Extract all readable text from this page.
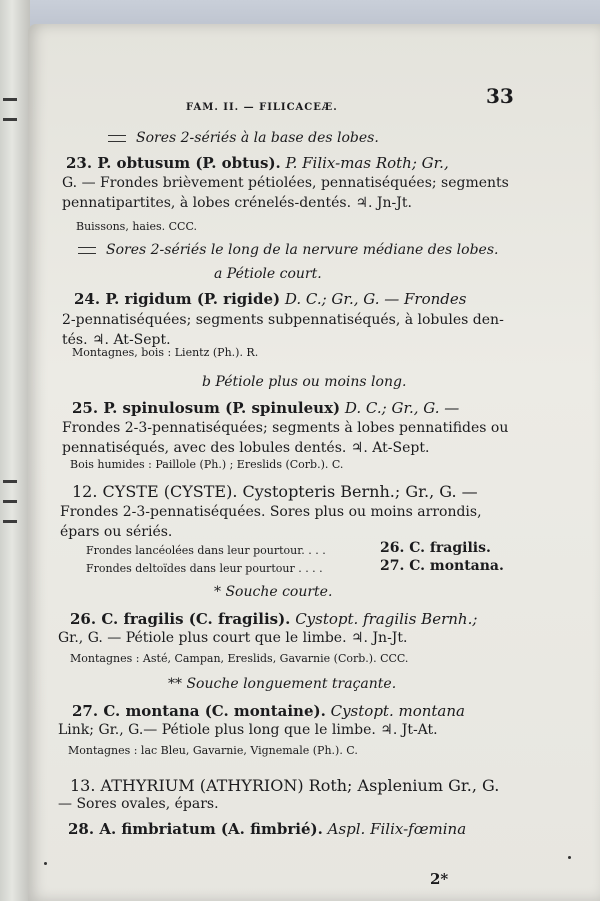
FAM. II. — FILICACEÆ.	33
Sores 2-sériés à la base des lobes.
23. P. obtusum (P. obtus). P. Filix-mas Roth; Gr.,
G. — Frondes brièvement pétiolées, pennatiséquées; segments
pennatipartites, à lobes crénelés-dentés. ♃. Jn-Jt.
Buissons, haies. CCC.
Sores 2-sériés le long de la nervure médiane des lobes.
a Pétiole court.
24. P. rigidum (P. rigide) D. C.; Gr., G. — Frondes
2-pennatiséquées; segments subpennatiséqués, à lobules den-
tés. ♃. At-Sept.
Montagnes, bois : Lientz (Ph.). R.
b Pétiole plus ou moins long.
25. P. spinulosum (P. spinuleux) D. C.; Gr., G. —
Frondes 2-3-pennatiséquées; segments à lobes pennatifides ou
pennatiséqués, avec des lobules dentés. ♃. At-Sept.
Bois humides : Paillole (Ph.) ; Ereslids (Corb.). C.
12. CYSTE (CYSTE). Cystopteris Bernh.; Gr., G. —
Frondes 2-3-pennatiséquées. Sores plus ou moins arrondis,
épars ou sériés.
Frondes lancéolées dans leur pourtour. . . .	26. C. fragilis.
Frondes deltoïdes dans leur pourtour . . . .	27. C. montana.
* Souche courte.
26. C. fragilis (C. fragilis). Cystopt. fragilis Bernh.;
Gr., G. — Pétiole plus court que le limbe. ♃. Jn-Jt.
Montagnes : Asté, Campan, Ereslids, Gavarnie (Corb.). CCC.
** Souche longuement traçante.
27. C. montana (C. montaine). Cystopt. montana
Link; Gr., G.— Pétiole plus long que le limbe. ♃. Jt-At.
Montagnes : lac Bleu, Gavarnie, Vignemale (Ph.). C.
13. ATHYRIUM (ATHYRION) Roth; Asplenium Gr., G.
— Sores ovales, épars.
28. A. fimbriatum (A. fimbrié). Aspl. Filix-fœmina
2*
